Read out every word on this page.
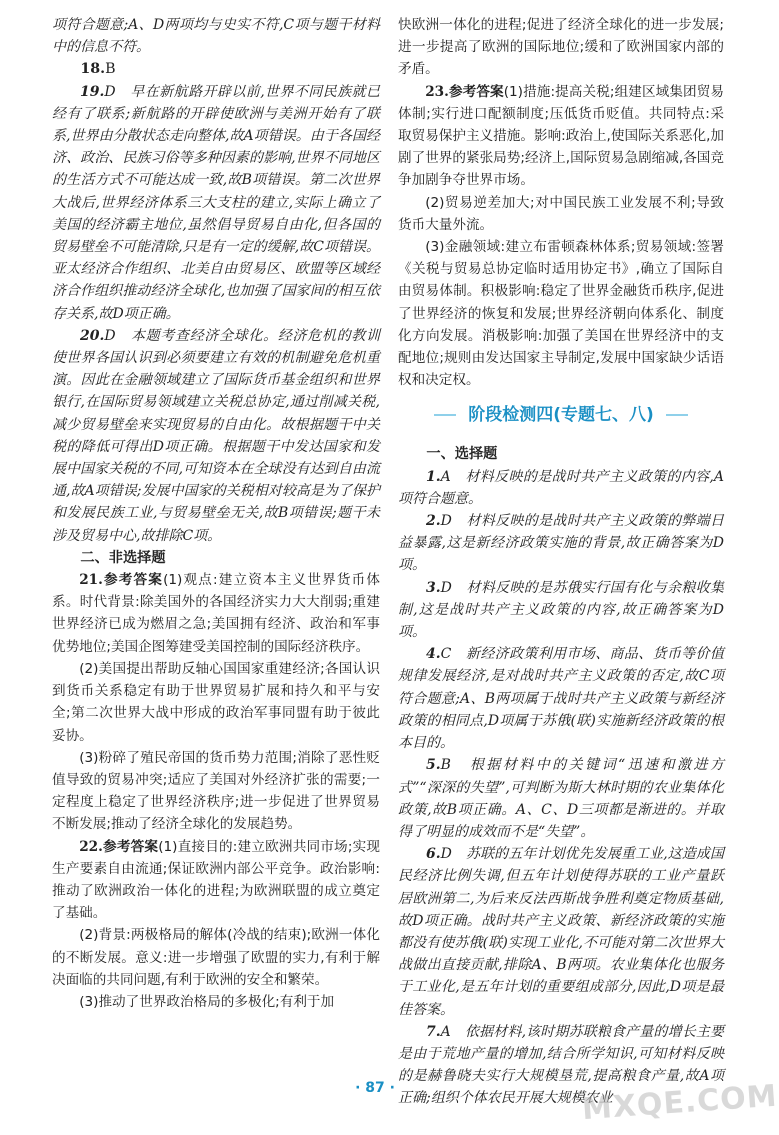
项符合题意;A、D两项均与史实不符,C项与题干材料中的信息不符。

18.B

19.D　早在新航路开辟以前,世界不同民族就已经有了联系;新航路的开辟使欧洲与美洲开始有了联系,世界由分散状态走向整体,故A项错误。由于各国经济、政治、民族习俗等多种因素的影响,世界不同地区的生活方式不可能达成一致,故B项错误。第二次世界大战后,世界经济体系三大支柱的建立,实际上确立了美国的经济霸主地位,虽然倡导贸易自由化,但各国的贸易壁垒不可能清除,只是有一定的缓解,故C项错误。亚太经济合作组织、北美自由贸易区、欧盟等区域经济合作组织推动经济全球化,也加强了国家间的相互依存关系,故D项正确。

20.D　本题考查经济全球化。经济危机的教训使世界各国认识到必须要建立有效的机制避免危机重演。因此在金融领域建立了国际货币基金组织和世界银行,在国际贸易领域建立关税总协定,通过削减关税,减少贸易壁垒来实现贸易的自由化。故根据题干中关税的降低可得出D项正确。根据题干中发达国家和发展中国家关税的不同,可知资本在全球没有达到自由流通,故A项错误;发展中国家的关税相对较高是为了保护和发展民族工业,与贸易壁垒无关,故B项错误;题干未涉及贸易中心,故排除C项。

二、非选择题

21.参考答案(1)观点:建立资本主义世界货币体系。时代背景:除美国外的各国经济实力大大削弱;重建世界经济已成为燃眉之急;美国拥有经济、政治和军事优势地位;美国企图筹建受美国控制的国际经济秩序。

(2)美国提出帮助反轴心国国家重建经济;各国认识到货币关系稳定有助于世界贸易扩展和持久和平与安全;第二次世界大战中形成的政治军事同盟有助于彼此妥协。

(3)粉碎了殖民帝国的货币势力范围;消除了恶性贬值导致的贸易冲突;适应了美国对外经济扩张的需要;一定程度上稳定了世界经济秩序;进一步促进了世界贸易不断发展;推动了经济全球化的发展趋势。

22.参考答案(1)直接目的:建立欧洲共同市场;实现生产要素自由流通;保证欧洲内部公平竞争。政治影响:推动了欧洲政治一体化的进程;为欧洲联盟的成立奠定了基础。

(2)背景:两极格局的解体(冷战的结束);欧洲一体化的不断发展。意义:进一步增强了欧盟的实力,有利于解决面临的共同问题,有利于欧洲的安全和繁荣。

(3)推动了世界政治格局的多极化;有利于加

快欧洲一体化的进程;促进了经济全球化的进一步发展;进一步提高了欧洲的国际地位;缓和了欧洲国家内部的矛盾。

23.参考答案(1)措施:提高关税;组建区域集团贸易体制;实行进口配额制度;压低货币贬值。共同特点:采取贸易保护主义措施。影响:政治上,使国际关系恶化,加剧了世界的紧张局势;经济上,国际贸易急剧缩减,各国竞争加剧争夺世界市场。

(2)贸易逆差加大;对中国民族工业发展不利;导致货币大量外流。

(3)金融领域:建立布雷顿森林体系;贸易领域:签署《关税与贸易总协定临时适用协定书》,确立了国际自由贸易体制。积极影响:稳定了世界金融货币秩序,促进了世界经济的恢复和发展;世界经济朝向体系化、制度化方向发展。消极影响:加强了美国在世界经济中的支配地位;规则由发达国家主导制定,发展中国家缺少话语权和决定权。

阶段检测四(专题七、八)

一、选择题

1.A　材料反映的是战时共产主义政策的内容,A项符合题意。

2.D　材料反映的是战时共产主义政策的弊端日益暴露,这是新经济政策实施的背景,故正确答案为D项。

3.D　材料反映的是苏俄实行国有化与余粮收集制,这是战时共产主义政策的内容,故正确答案为D项。

4.C　新经济政策利用市场、商品、货币等价值规律发展经济,是对战时共产主义政策的否定,故C项符合题意;A、B两项属于战时共产主义政策与新经济政策的相同点,D项属于苏俄(联)实施新经济政策的根本目的。

5.B　根据材料中的关键词“迅速和激进方式”“深深的失望”,可判断为斯大林时期的农业集体化政策,故B项正确。A、C、D三项都是渐进的。并取得了明显的成效而不是“失望”。

6.D　苏联的五年计划优先发展重工业,这造成国民经济比例失调,但五年计划使得苏联的工业产量跃居欧洲第二,为后来反法西斯战争胜利奠定物质基础,故D项正确。战时共产主义政策、新经济政策的实施都没有使苏俄(联)实现工业化,不可能对第二次世界大战做出直接贡献,排除A、B两项。农业集体化也服务于工业化,是五年计划的重要组成部分,因此,D项是最佳答案。

7.A　依据材料,该时期苏联粮食产量的增长主要是由于荒地产量的增加,结合所学知识,可知材料反映的是赫鲁晓夫实行大规模垦荒,提高粮食产量,故A项正确;组织个体农民开展大规模农业

· 87 ·	MXQE.COM
